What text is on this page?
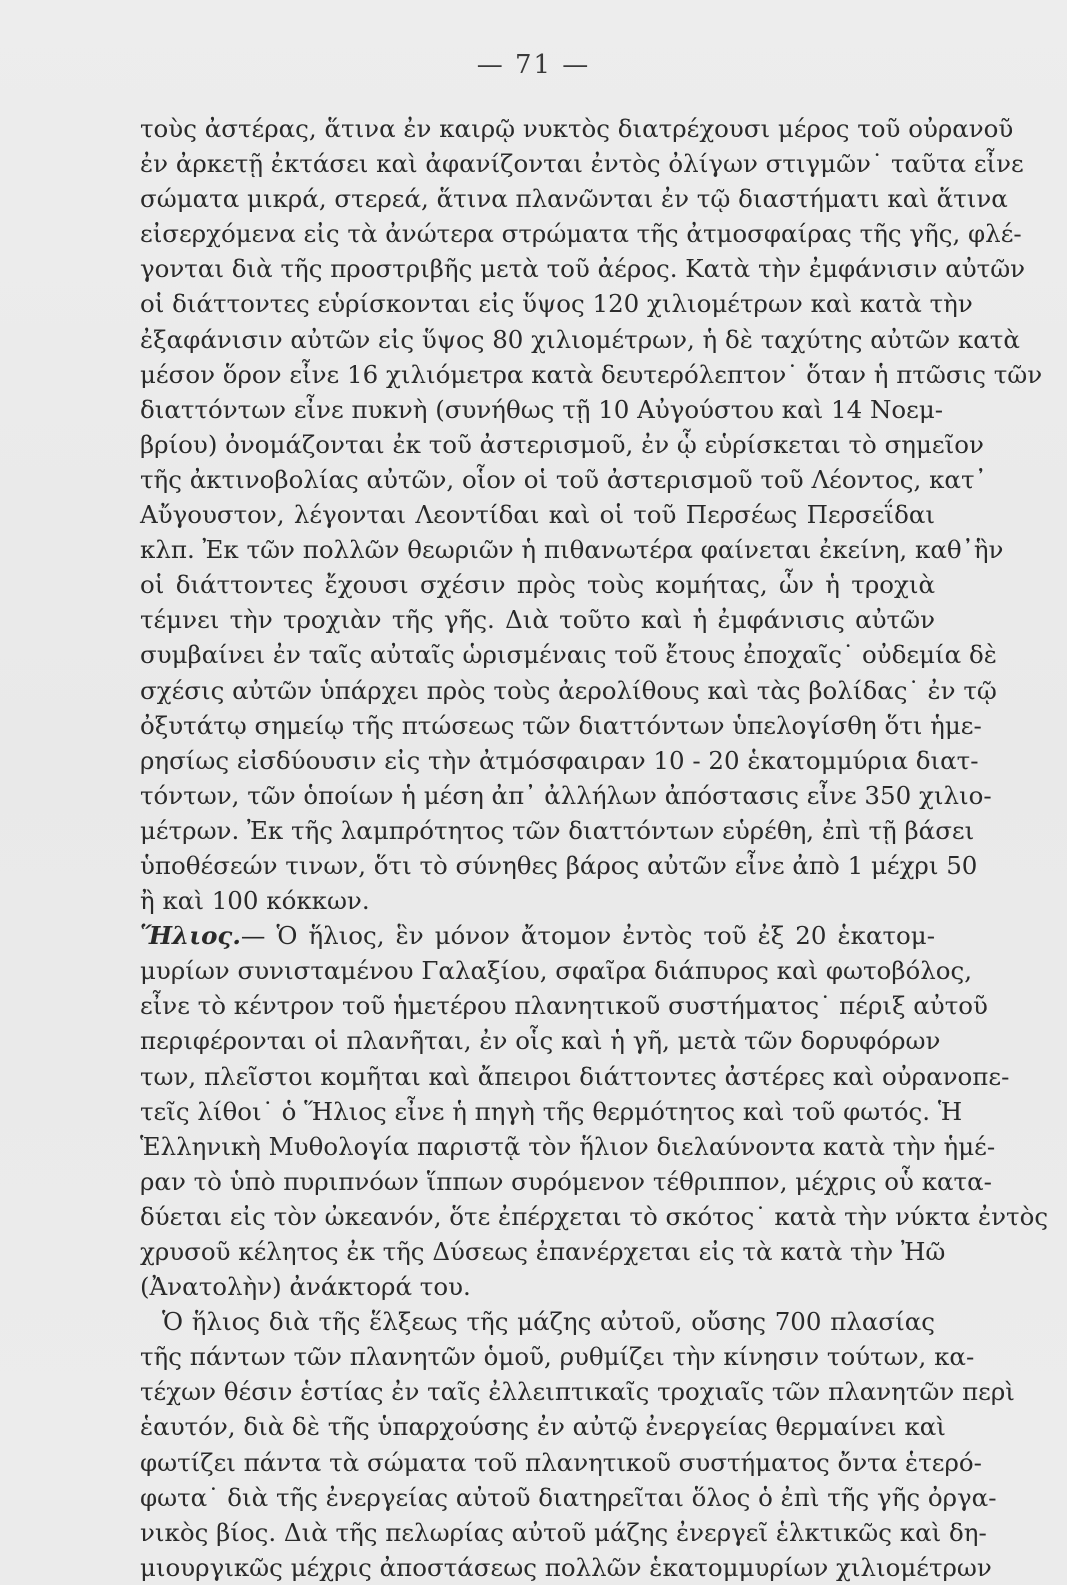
— 71 —
τοὺς ἀστέρας, ἅτινα ἐν καιρῷ νυκτὸς διατρέχουσι μέρος τοῦ οὐρανοῦ
ἐν ἀρκετῇ ἐκτάσει καὶ ἀφανίζονται ἐντὸς ὀλίγων στιγμῶν˙ ταῦτα εἶνε
σώματα μικρά, στερεά, ἅτινα πλανῶνται ἐν τῷ διαστήματι καὶ ἅτινα
εἰσερχόμενα εἰς τὰ ἀνώτερα στρώματα τῆς ἀτμοσφαίρας τῆς γῆς, φλέ-
γονται διὰ τῆς προστριβῆς μετὰ τοῦ ἀέρος. Κατὰ τὴν ἐμφάνισιν αὐτῶν
οἱ διάττοντες εὑρίσκονται εἰς ὕψος 120 χιλιομέτρων καὶ κατὰ τὴν
ἐξαφάνισιν αὐτῶν εἰς ὕψος 80 χιλιομέτρων, ἡ δὲ ταχύτης αὐτῶν κατὰ
μέσον ὅρον εἶνε 16 χιλιόμετρα κατὰ δευτερόλεπτον˙ ὅταν ἡ πτῶσις τῶν
διαττόντων εἶνε πυκνὴ (συνήθως τῇ 10 Αὐγούστου καὶ 14 Νοεμ-
βρίου) ὀνομάζονται ἐκ τοῦ ἀστερισμοῦ, ἐν ᾧ εὑρίσκεται τὸ σημεῖον
τῆς ἀκτινοβολίας αὐτῶν, οἷον οἱ τοῦ ἀστερισμοῦ τοῦ Λέοντος, κατ᾽
Αὔγουστον, λέγονται Λεοντίδαι καὶ οἱ τοῦ Περσέως Περσεΐδαι
κλπ. Ἐκ τῶν πολλῶν θεωριῶν ἡ πιθανωτέρα φαίνεται ἐκείνη, καθ᾽ἣν
οἱ διάττοντες ἔχουσι σχέσιν πρὸς τοὺς κομήτας, ὧν ἡ τροχιὰ
τέμνει τὴν τροχιὰν τῆς γῆς. Διὰ τοῦτο καὶ ἡ ἐμφάνισις αὐτῶν
συμβαίνει ἐν ταῖς αὐταῖς ὡρισμέναις τοῦ ἔτους ἐποχαῖς˙ οὐδεμία δὲ
σχέσις αὐτῶν ὑπάρχει πρὸς τοὺς ἀερολίθους καὶ τὰς βολίδας˙ ἐν τῷ
ὀξυτάτῳ σημείῳ τῆς πτώσεως τῶν διαττόντων ὑπελογίσθη ὅτι ἡμε-
ρησίως εἰσδύουσιν εἰς τὴν ἀτμόσφαιραν 10 - 20 ἑκατομμύρια διατ-
τόντων, τῶν ὁποίων ἡ μέση ἀπ᾽ ἀλλήλων ἀπόστασις εἶνε 350 χιλιο-
μέτρων. Ἐκ τῆς λαμπρότητος τῶν διαττόντων εὑρέθη, ἐπὶ τῇ βάσει
ὑποθέσεών τινων, ὅτι τὸ σύνηθες βάρος αὐτῶν εἶνε ἀπὸ 1 μέχρι 50
ἢ καὶ 100 κόκκων.
Ἥλιος.— Ὁ ἥλιος, ἓν μόνον ἄτομον ἐντὸς τοῦ ἐξ 20 ἑκατομ-
μυρίων συνισταμένου Γαλαξίου, σφαῖρα διάπυρος καὶ φωτοβόλος,
εἶνε τὸ κέντρον τοῦ ἡμετέρου πλανητικοῦ συστήματος˙ πέριξ αὐτοῦ
περιφέρονται οἱ πλανῆται, ἐν οἷς καὶ ἡ γῆ, μετὰ τῶν δορυφόρων
των, πλεῖστοι κομῆται καὶ ἄπειροι διάττοντες ἀστέρες καὶ οὐρανοπε-
τεῖς λίθοι˙ ὁ Ἥλιος εἶνε ἡ πηγὴ τῆς θερμότητος καὶ τοῦ φωτός. Ἡ
Ἑλληνικὴ Μυθολογία παριστᾷ τὸν ἥλιον διελαύνοντα κατὰ τὴν ἡμέ-
ραν τὸ ὑπὸ πυριπνόων ἵππων συρόμενον τέθριππον, μέχρις οὗ κατα-
δύεται εἰς τὸν ὠκεανόν, ὅτε ἐπέρχεται τὸ σκότος˙ κατὰ τὴν νύκτα ἐντὸς
χρυσοῦ κέλητος ἐκ τῆς Δύσεως ἐπανέρχεται εἰς τὰ κατὰ τὴν Ἠῶ
(Ἀνατολὴν) ἀνάκτορά του.
Ὁ ἥλιος διὰ τῆς ἕλξεως τῆς μάζης αὐτοῦ, οὔσης 700 πλασίας
τῆς πάντων τῶν πλανητῶν ὁμοῦ, ρυθμίζει τὴν κίνησιν τούτων, κα-
τέχων θέσιν ἑστίας ἐν ταῖς ἐλλειπτικαῖς τροχιαῖς τῶν πλανητῶν περὶ
ἑαυτόν, διὰ δὲ τῆς ὑπαρχούσης ἐν αὐτῷ ἐνεργείας θερμαίνει καὶ
φωτίζει πάντα τὰ σώματα τοῦ πλανητικοῦ συστήματος ὄντα ἑτερό-
φωτα˙ διὰ τῆς ἐνεργείας αὐτοῦ διατηρεῖται ὅλος ὁ ἐπὶ τῆς γῆς ὀργα-
νικὸς βίος. Διὰ τῆς πελωρίας αὐτοῦ μάζης ἐνεργεῖ ἑλκτικῶς καὶ δη-
μιουργικῶς μέχρις ἀποστάσεως πολλῶν ἑκατομμυρίων χιλιομέτρων
